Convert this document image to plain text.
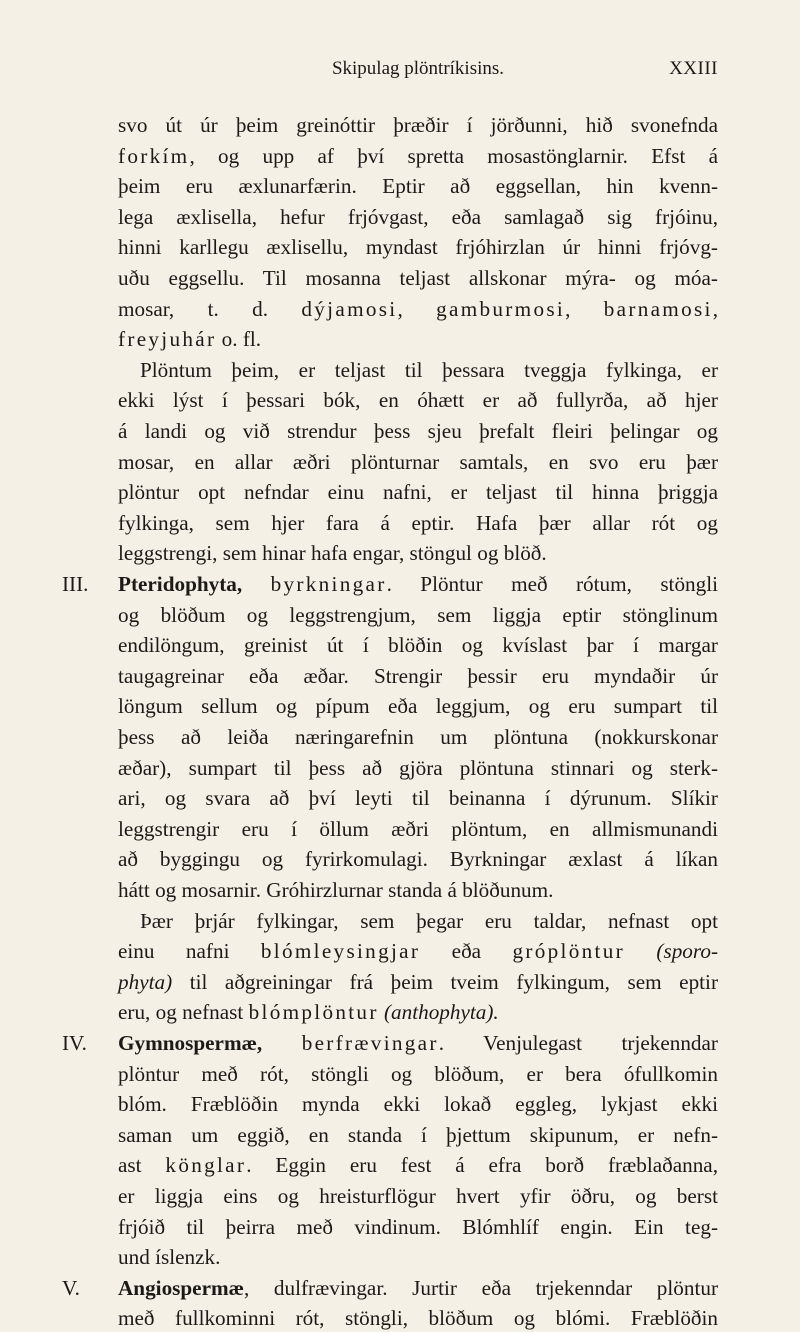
Skipulag plöntríkisins.	XXIII
svo út úr þeim greinóttir þræðir í jörðunni, hið svonefnda
forkím, og upp af því spretta mosastönglarnir. Efst á
þeim eru æxlunarfærin. Eptir að eggsellan, hin kvenn-
lega æxlisella, hefur frjóvgast, eða samlagað sig frjóinu,
hinni karllegu æxlisellu, myndast frjóhirzlan úr hinni frjóvg-
uðu eggsellu. Til mosanna teljast allskonar mýra- og móa-
mosar, t. d. dýjamosi, gamburmosi, barnamosi,
freyjuhár o. fl.
Plöntum þeim, er teljast til þessara tveggja fylkinga, er
ekki lýst í þessari bók, en óhætt er að fullyrða, að hjer
á landi og við strendur þess sjeu þrefalt fleiri þelingar og
mosar, en allar æðri plönturnar samtals, en svo eru þær
plöntur opt nefndar einu nafni, er teljast til hinna þriggja
fylkinga, sem hjer fara á eptir. Hafa þær allar rót og
leggstrengi, sem hinar hafa engar, stöngul og blöð.
III. Pteridophyta, byrkningar. Plöntur með rótum, stöngli
og blöðum og leggstrengjum, sem liggja eptir stönglinum
endilöngum, greinist út í blöðin og kvíslast þar í margar
taugagreinar eða æðar. Strengir þessir eru myndaðir úr
löngum sellum og pípum eða leggjum, og eru sumpart til
þess að leiða næringarefnin um plöntuna (nokkurskonar
æðar), sumpart til þess að gjöra plöntuna stinnari og sterk-
ari, og svara að því leyti til beinanna í dýrunum. Slíkir
leggstrengir eru í öllum æðri plöntum, en allmismunandi
að byggingu og fyrirkomulagi. Byrkningar æxlast á líkan
hátt og mosarnir. Gróhirzlurnar standa á blöðunum.
Þær þrjár fylkingar, sem þegar eru taldar, nefnast opt
einu nafni blómleysingjar eða gróplöntur (sporo-
phyta) til aðgreiningar frá þeim tveim fylkingum, sem eptir
eru, og nefnast blómplöntur (anthophyta).
IV. Gymnospermæ, berfrævingar. Venjulegast trjekenndar
plöntur með rót, stöngli og blöðum, er bera ófullkomin
blóm. Fræblöðin mynda ekki lokað eggleg, lykjast ekki
saman um eggið, en standa í þjettum skipunum, er nefn-
ast könglar. Eggin eru fest á efra borð fræblaðanna,
er liggja eins og hreisturflögur hvert yfir öðru, og berst
frjóið til þeirra með vindinum. Blómhlíf engin. Ein teg-
und íslenzk.
V. Angiospermæ, dulfrævingar. Jurtir eða trjekenndar plöntur
með fullkominni rót, stöngli, blöðum og blómi. Fræblöðin
